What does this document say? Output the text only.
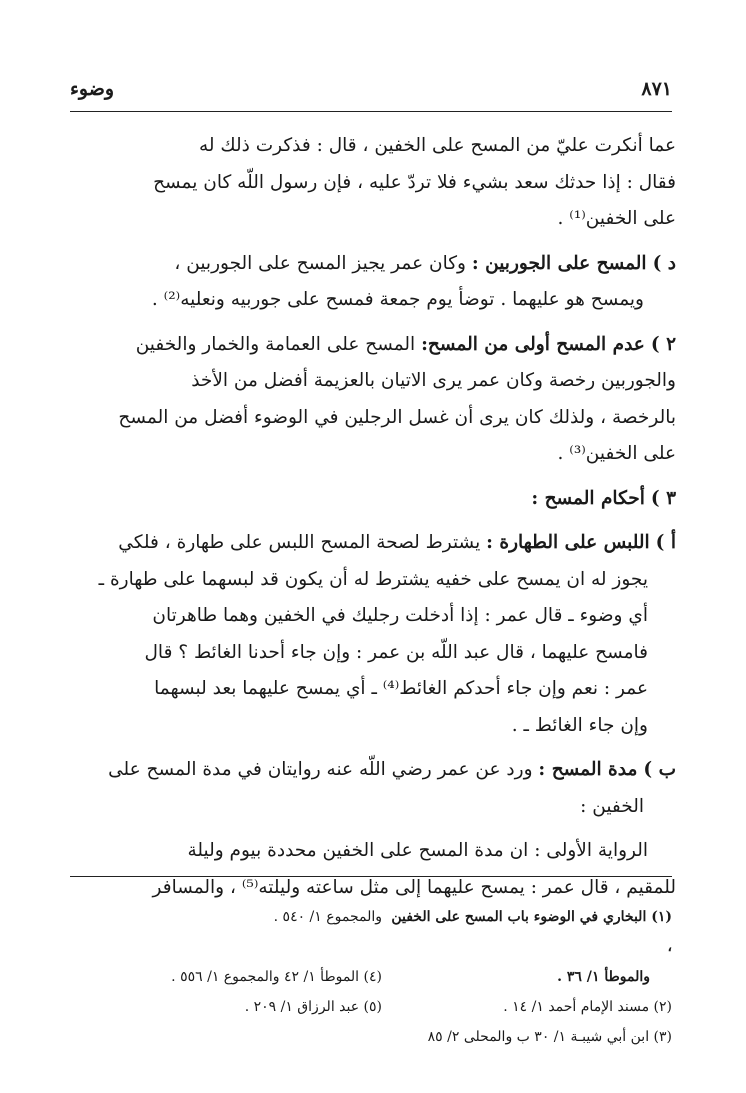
٨٧١
وضوء

عما أنكرت عليّ من المسح على الخفين ، قال : فذكرت ذلك له
فقال : إذا حدثك سعد بشيء فلا تردّ عليه ، فإن رسول اللّه كان يمسح
على الخفين⁽¹⁾ .

د )المسح على الجوربين : وكان عمر يجيز المسح على الجوربين ،
ويمسح هو عليهما . توضأ يوم جمعة فمسح على جوربيه ونعليه⁽²⁾ .

٢ )عدم المسح أولى من المسح: المسح على العمامة والخمار والخفين
والجوربين رخصة وكان عمر يرى الاتيان بالعزيمة أفضل من الأخذ
بالرخصة ، ولذلك كان يرى أن غسل الرجلين في الوضوء أفضل من المسح
على الخفين⁽³⁾ .

٣ )أحكام المسح :

أ )اللبس على الطهارة : يشترط لصحة المسح اللبس على طهارة ، فلكي
يجوز له ان يمسح على خفيه يشترط له أن يكون قد لبسهما على طهارة ـ
أي وضوء ـ قال عمر : إذا أدخلت رجليك في الخفين وهما طاهرتان
فامسح عليهما ، قال عبد اللّه بن عمر : وإن جاء أحدنا الغائط ؟ قال
عمر : نعم وإن جاء أحدكم الغائط⁽⁴⁾ ـ أي يمسح عليهما بعد لبسهما
وإن جاء الغائط ـ .

ب )مدة المسح : ورد عن عمر رضي اللّه عنه روايتان في مدة المسح على
الخفين :

الرواية الأولى : ان مدة المسح على الخفين محددة بيوم وليلة
للمقيم ، قال عمر : يمسح عليهما إلى مثل ساعته وليلته⁽⁵⁾ ، والمسافر

(١) البخاري في الوضوء باب المسح على الخفين ،
والمجموع ١/ ٥٤٠ .
والموطأ ١/ ٣٦ .
(٤) الموطأ ١/ ٤٢ والمجموع ١/ ٥٥٦ .
(٢) مسند الإمام أحمد ١/ ١٤ .
(٥) عبد الرزاق ١/ ٢٠٩ .
(٣) ابن أبي شيبـة ١/ ٣٠ ب والمحلى ٢/ ٨٥
